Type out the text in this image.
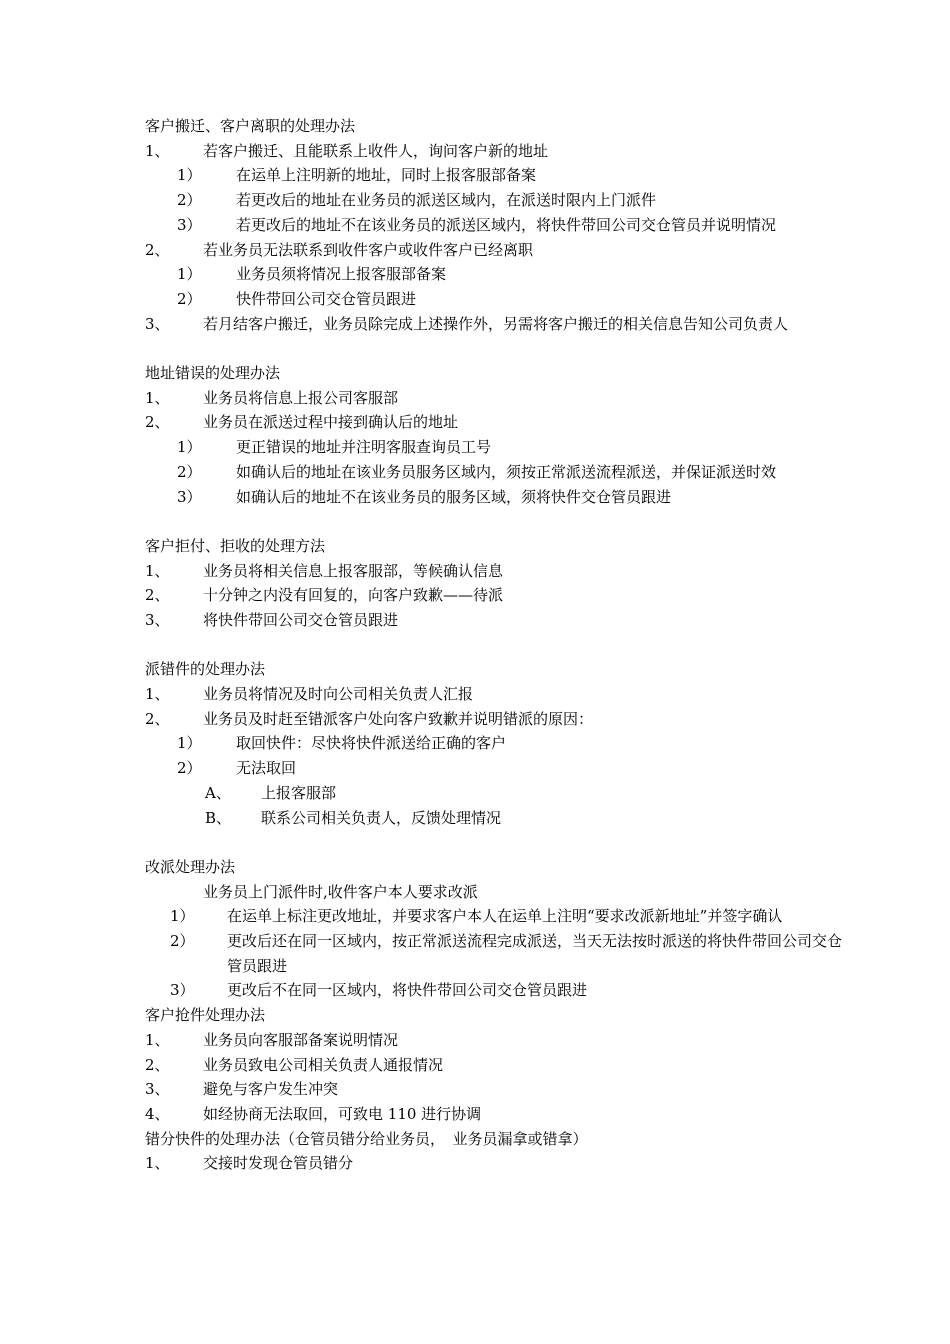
客户搬迁、客户离职的处理办法
1、 若客户搬迁、且能联系上收件人，询问客户新的地址
1） 在运单上注明新的地址，同时上报客服部备案
2） 若更改后的地址在业务员的派送区域内，在派送时限内上门派件
3） 若更改后的地址不在该业务员的派送区域内，将快件带回公司交仓管员并说明情况
2、 若业务员无法联系到收件客户或收件客户已经离职
1） 业务员须将情况上报客服部备案
2） 快件带回公司交仓管员跟进
3、 若月结客户搬迁，业务员除完成上述操作外，另需将客户搬迁的相关信息告知公司负责人
地址错误的处理办法
1、 业务员将信息上报公司客服部
2、 业务员在派送过程中接到确认后的地址
1） 更正错误的地址并注明客服查询员工号
2） 如确认后的地址在该业务员服务区域内，须按正常派送流程派送，并保证派送时效
3） 如确认后的地址不在该业务员的服务区域，须将快件交仓管员跟进
客户拒付、拒收的处理方法
1、 业务员将相关信息上报客服部，等候确认信息
2、 十分钟之内没有回复的，向客户致歉——待派
3、 将快件带回公司交仓管员跟进
派错件的处理办法
1、 业务员将情况及时向公司相关负责人汇报
2、 业务员及时赶至错派客户处向客户致歉并说明错派的原因：
1） 取回快件：尽快将快件派送给正确的客户
2） 无法取回
A、 上报客服部
B、 联系公司相关负责人，反馈处理情况
改派处理办法
业务员上门派件时,收件客户本人要求改派
1） 在运单上标注更改地址，并要求客户本人在运单上注明“要求改派新地址”并签字确认
2） 更改后还在同一区域内，按正常派送流程完成派送，当天无法按时派送的将快件带回公司交仓管员跟进
3） 更改后不在同一区域内，将快件带回公司交仓管员跟进
客户抢件处理办法
1、 业务员向客服部备案说明情况
2、 业务员致电公司相关负责人通报情况
3、 避免与客户发生冲突
4、 如经协商无法取回，可致电 110 进行协调
错分快件的处理办法（仓管员错分给业务员，　业务员漏拿或错拿）
1、 交接时发现仓管员错分
